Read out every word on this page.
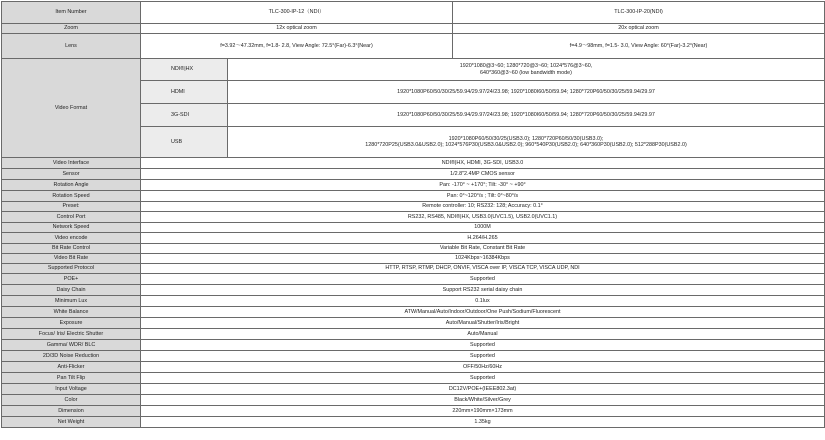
Item Number	TLC-300-IP-12（NDI）		TLC-300-IP-20(NDI)
Zoom	12x optical zoom		20x optical zoom
Lens	f=3.92～47.32mm, f=1.8- 2.8, View Angle: 72.5°(Far)-6.3°(Near)		f=4.9～98mm, f=1.5- 3.0, View Angle: 60°(Far)-3.2°(Near)
Video Format	NDI®|HX	1920*1080@3~60; 1280*720@3~60; 1024*576@3~60,
640*360@3~60 (low bandwidth mode)	

	HDMI	1920*1080P60/50/30/25/59.94/29.97/24/23.98; 1920*1080I60/50/59.94; 1280*720P60/50/30/25/59.94/29.97	

	3G-SDI	1920*1080P60/50/30/25/59.94/29.97/24/23.98; 1920*1080I60/50/59.94; 1280*720P60/50/30/25/59.94/29.97	

	USB	1920*1080P60/50/30/25(USB3.0); 1280*720P60/50/30(USB3.0);
1280*720P25(USB3.0&USB2.0); 1024*576P30(USB3.0&USB2.0); 960*540P30(USB2.0); 640*360P30(USB2.0); 512*288P30(USB2.0)	

Video Interface	NDI®|HX, HDMI, 3G-SDI, USB3.0		
Sensor	1/2.8"2.4MP CMOS sensor		
Rotation Angle	Pan: -170° ~ +170°; Tilt: -30° ~ +90°		
Rotation Speed	Pan: 0°~120°/s ; Tilt: 0°~80°/s		
Preset:	Remote controller: 10; RS232: 128; Accuracy: 0.1°		
Control Port	RS232, RS485, NDI®|HX, USB3.0(UVC1.5), USB2.0(UVC1.1)		
Network Speed	1000M		
Video encode	H.264/H.265		
Bit Rate Control	Variable Bit Rate, Constant Bit Rate		
Video Bit Rate	1024Kbps~16384Kbps		
Supported Protocol	HTTP, RTSP, RTMP, DHCP, ONVIF, VISCA over IP, VISCA TCP, VISCA UDP, NDI		
POE+	Supported		
Daisy Chain	Support RS232 serial daisy chain		
Minimum Lux	0.1lux		
White Balance	ATW/Manual/Auto/Indoor/Outdoor/One Push/Sodium/Fluorescent		
Exposure	Auto/Manual/Shutter/Iris/Bright		
Focus/ Iris/ Electric Shutter	Auto/Manual		
Gamma/ WDR/ BLC	Supported		
2D/3D Noise Reduction	Supported		
Anti-Flicker	OFF/50Hz/60Hz		
Pan Tilt Flip	Supported		
Input Voltage	DC12V/POE+(IEEE802.3at)		
Color	Black/White/Silver/Grey		
Dimension	220mm×190mm×173mm		
Net Weight	1.35kg		
